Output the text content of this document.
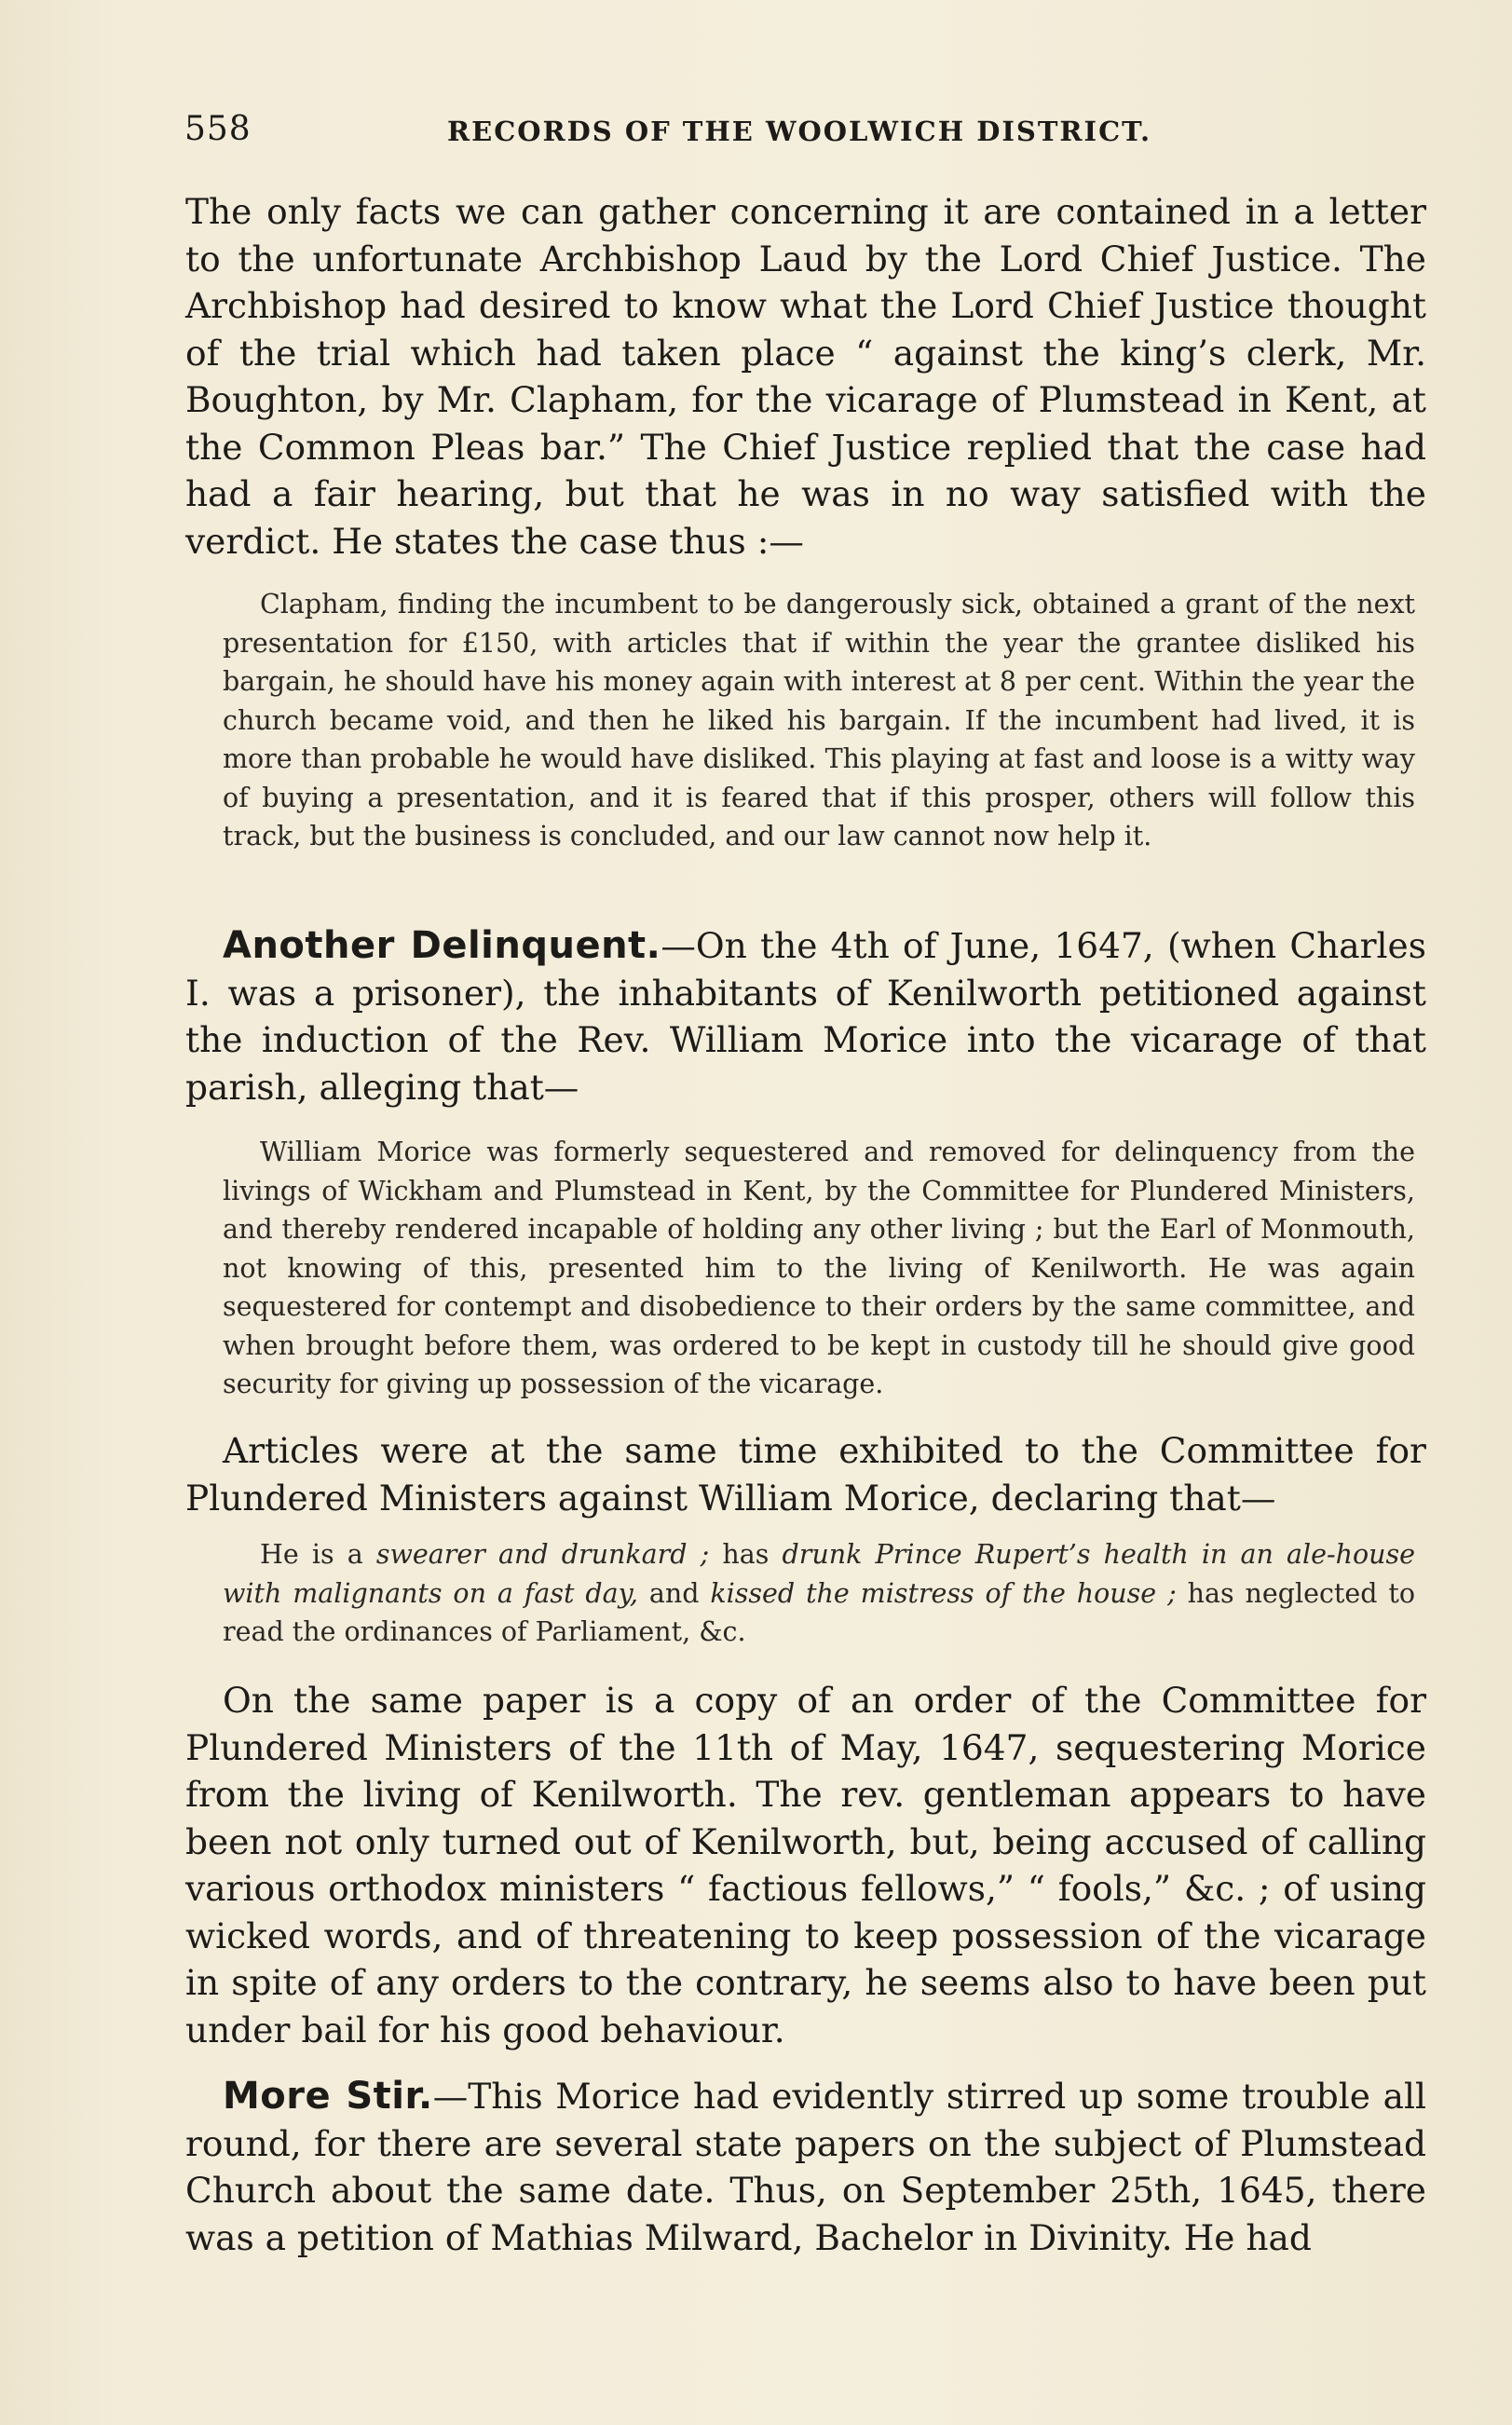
558	RECORDS OF THE WOOLWICH DISTRICT.

The only facts we can gather concerning it are contained in a letter to the unfortunate Archbishop Laud by the Lord Chief Justice. The Archbishop had desired to know what the Lord Chief Justice thought of the trial which had taken place “ against the king’s clerk, Mr. Boughton, by Mr. Clapham, for the vicarage of Plumstead in Kent, at the Common Pleas bar.” The Chief Justice replied that the case had had a fair hearing, but that he was in no way satisfied with the verdict. He states the case thus :—

Clapham, finding the incumbent to be dangerously sick, obtained a grant of the next presentation for £150, with articles that if within the year the grantee disliked his bargain, he should have his money again with interest at 8 per cent. Within the year the church became void, and then he liked his bargain. If the incumbent had lived, it is more than probable he would have disliked. This playing at fast and loose is a witty way of buying a presentation, and it is feared that if this prosper, others will follow this track, but the business is concluded, and our law cannot now help it.

Another Delinquent.—On the 4th of June, 1647, (when Charles I. was a prisoner), the inhabitants of Kenilworth petitioned against the induction of the Rev. William Morice into the vicarage of that parish, alleging that—

William Morice was formerly sequestered and removed for delinquency from the livings of Wickham and Plumstead in Kent, by the Committee for Plundered Ministers, and thereby rendered incapable of holding any other living ; but the Earl of Monmouth, not knowing of this, presented him to the living of Kenilworth. He was again sequestered for contempt and disobedience to their orders by the same committee, and when brought before them, was ordered to be kept in custody till he should give good security for giving up possession of the vicarage.

Articles were at the same time exhibited to the Committee for Plundered Ministers against William Morice, declaring that—

He is a swearer and drunkard ; has drunk Prince Rupert’s health in an ale-house with malignants on a fast day, and kissed the mistress of the house ; has neglected to read the ordinances of Parliament, &c.

On the same paper is a copy of an order of the Committee for Plundered Ministers of the 11th of May, 1647, sequestering Morice from the living of Kenilworth. The rev. gentleman appears to have been not only turned out of Kenilworth, but, being accused of calling various orthodox ministers “ factious fellows,” “ fools,” &c. ; of using wicked words, and of threatening to keep possession of the vicarage in spite of any orders to the contrary, he seems also to have been put under bail for his good behaviour.

More Stir.—This Morice had evidently stirred up some trouble all round, for there are several state papers on the subject of Plumstead Church about the same date. Thus, on September 25th, 1645, there was a petition of Mathias Milward, Bachelor in Divinity. He had
